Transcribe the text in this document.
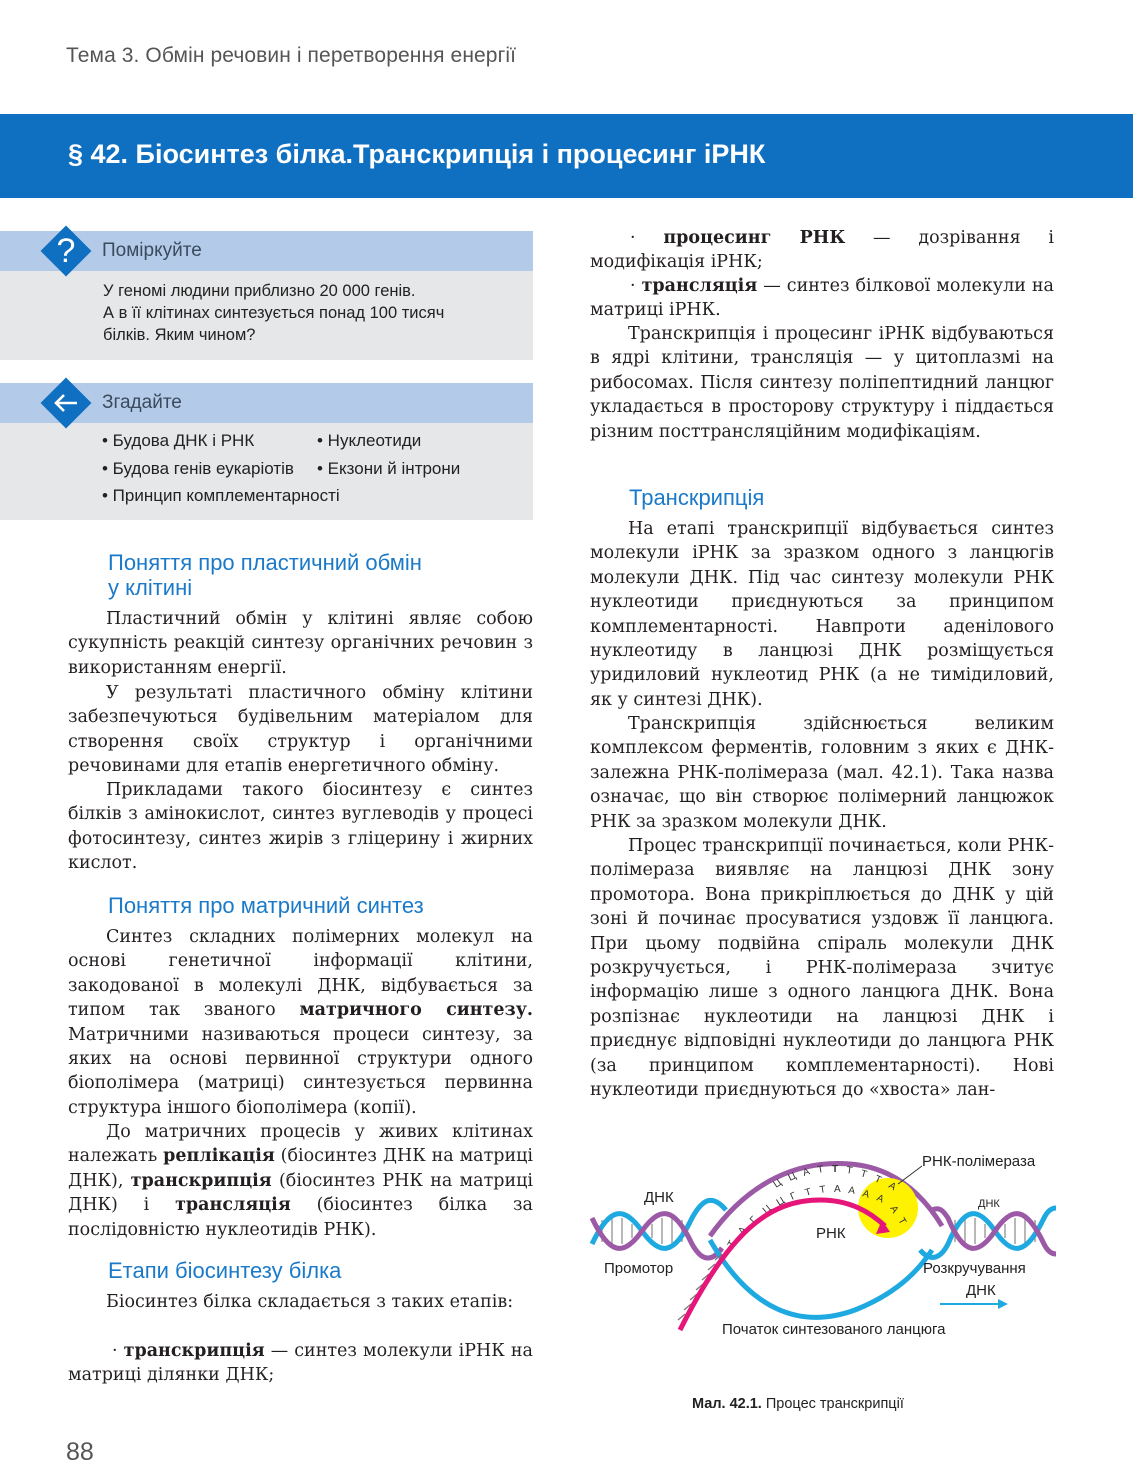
Тема 3. Обмін речовин і перетворення енергії
§ 42. Біосинтез білка.Транскрипція і процесинг іРНК
?	Поміркуйте
У геномі людини приблизно 20 000 генів.
А в її клітинах синтезується понад 100 тисяч
білків. Яким чином?
Згадайте
• Будова ДНК і РНК	• Нуклеотиди
• Будова генів еукаріотів • Екзони й інтрони
• Принцип комплементарності
Поняття про пластичний обмін
у клітині

Пластичний обмін у клітині являє собою сукупність реакцій синтезу органічних речовин з використанням енергії.

У результаті пластичного обміну клітини забезпечуються будівельним матеріалом для створення своїх структур і органічними речовинами для етапів енергетичного обміну.

Прикладами такого біосинтезу є синтез білків з амінокислот, синтез вуглеводів у процесі фотосинтезу, синтез жирів з гліцерину і жирних кислот.

Поняття про матричний синтез

Синтез складних полімерних молекул на основі генетичної інформації клітини, закодованої в молекулі ДНК, відбувається за типом так званого матричного синтезу. Матричними називаються процеси синтезу, за яких на основі первинної структури одного біополімера (матриці) синтезується первинна структура іншого біополімера (копії).

До матричних процесів у живих клітинах належать реплікація (біосинтез ДНК на матриці ДНК), транскрипція (біосинтез РНК на матриці ДНК) і трансляція (біосинтез білка за послідовністю нуклеотидів РНК).

Етапи біосинтезу білка

Біосинтез білка складається з таких етапів:

· транскрипція — синтез молекули іРНК на матриці ділянки ДНК;

· процесинг РНК — дозрівання і модифікація іРНК;

· трансляція — синтез білкової молекули на матриці іРНК.

Транскрипція і процесинг іРНК відбуваються в ядрі клітини, трансляція — у цитоплазмі на рибосомах. Після синтезу поліпептидний ланцюг укладається в просторову структуру і піддається різним посттрансляційним модифікаціям.

Транскрипція

На етапі транскрипції відбувається синтез молекули іРНК за зразком одного з ланцюгів молекули ДНК. Під час синтезу молекули РНК нуклеотиди приєднуються за принципом комплементарності. Навпроти аденілового нуклеотиду в ланцюзі ДНК розміщується уридиловий нуклеотид РНК (а не тимідиловий, як у синтезі ДНК).

Транскрипція здійснюється великим комплексом ферментів, головним з яких є ДНК-залежна РНК-полімераза (мал. 42.1). Така назва означає, що він створює полімерний ланцюжок РНК за зразком молекули ДНК.

Процес транскрипції починається, коли РНК-полімераза виявляє на ланцюзі ДНК зону промотора. Вона прикріплюється до ДНК у цій зоні й починає просуватися уздовж її ланцюга. При цьому подвійна спіраль молекули ДНК розкручується, і РНК-полімераза зчитує інформацію лише з одного ланцюга ДНК. Вона розпізнає нуклеотиди на ланцюзі ДНК і приєднує відповідні нуклеотиди до ланцюга РНК (за принципом комплементарності). Нові нуклеотиди приєднуються до «хвоста» лан-

Т
А
Г
Ц
Ц Г Т Т А А А А
Ц
Ц А Т Т Т Т Т
А
Т
А
РНК-полімераза
ДНК	ДНК
РНК
Промотор	Розкручування
ДНК
Початок синтезованого ланцюга
Мал. 42.1. Процес транскрипції
88
